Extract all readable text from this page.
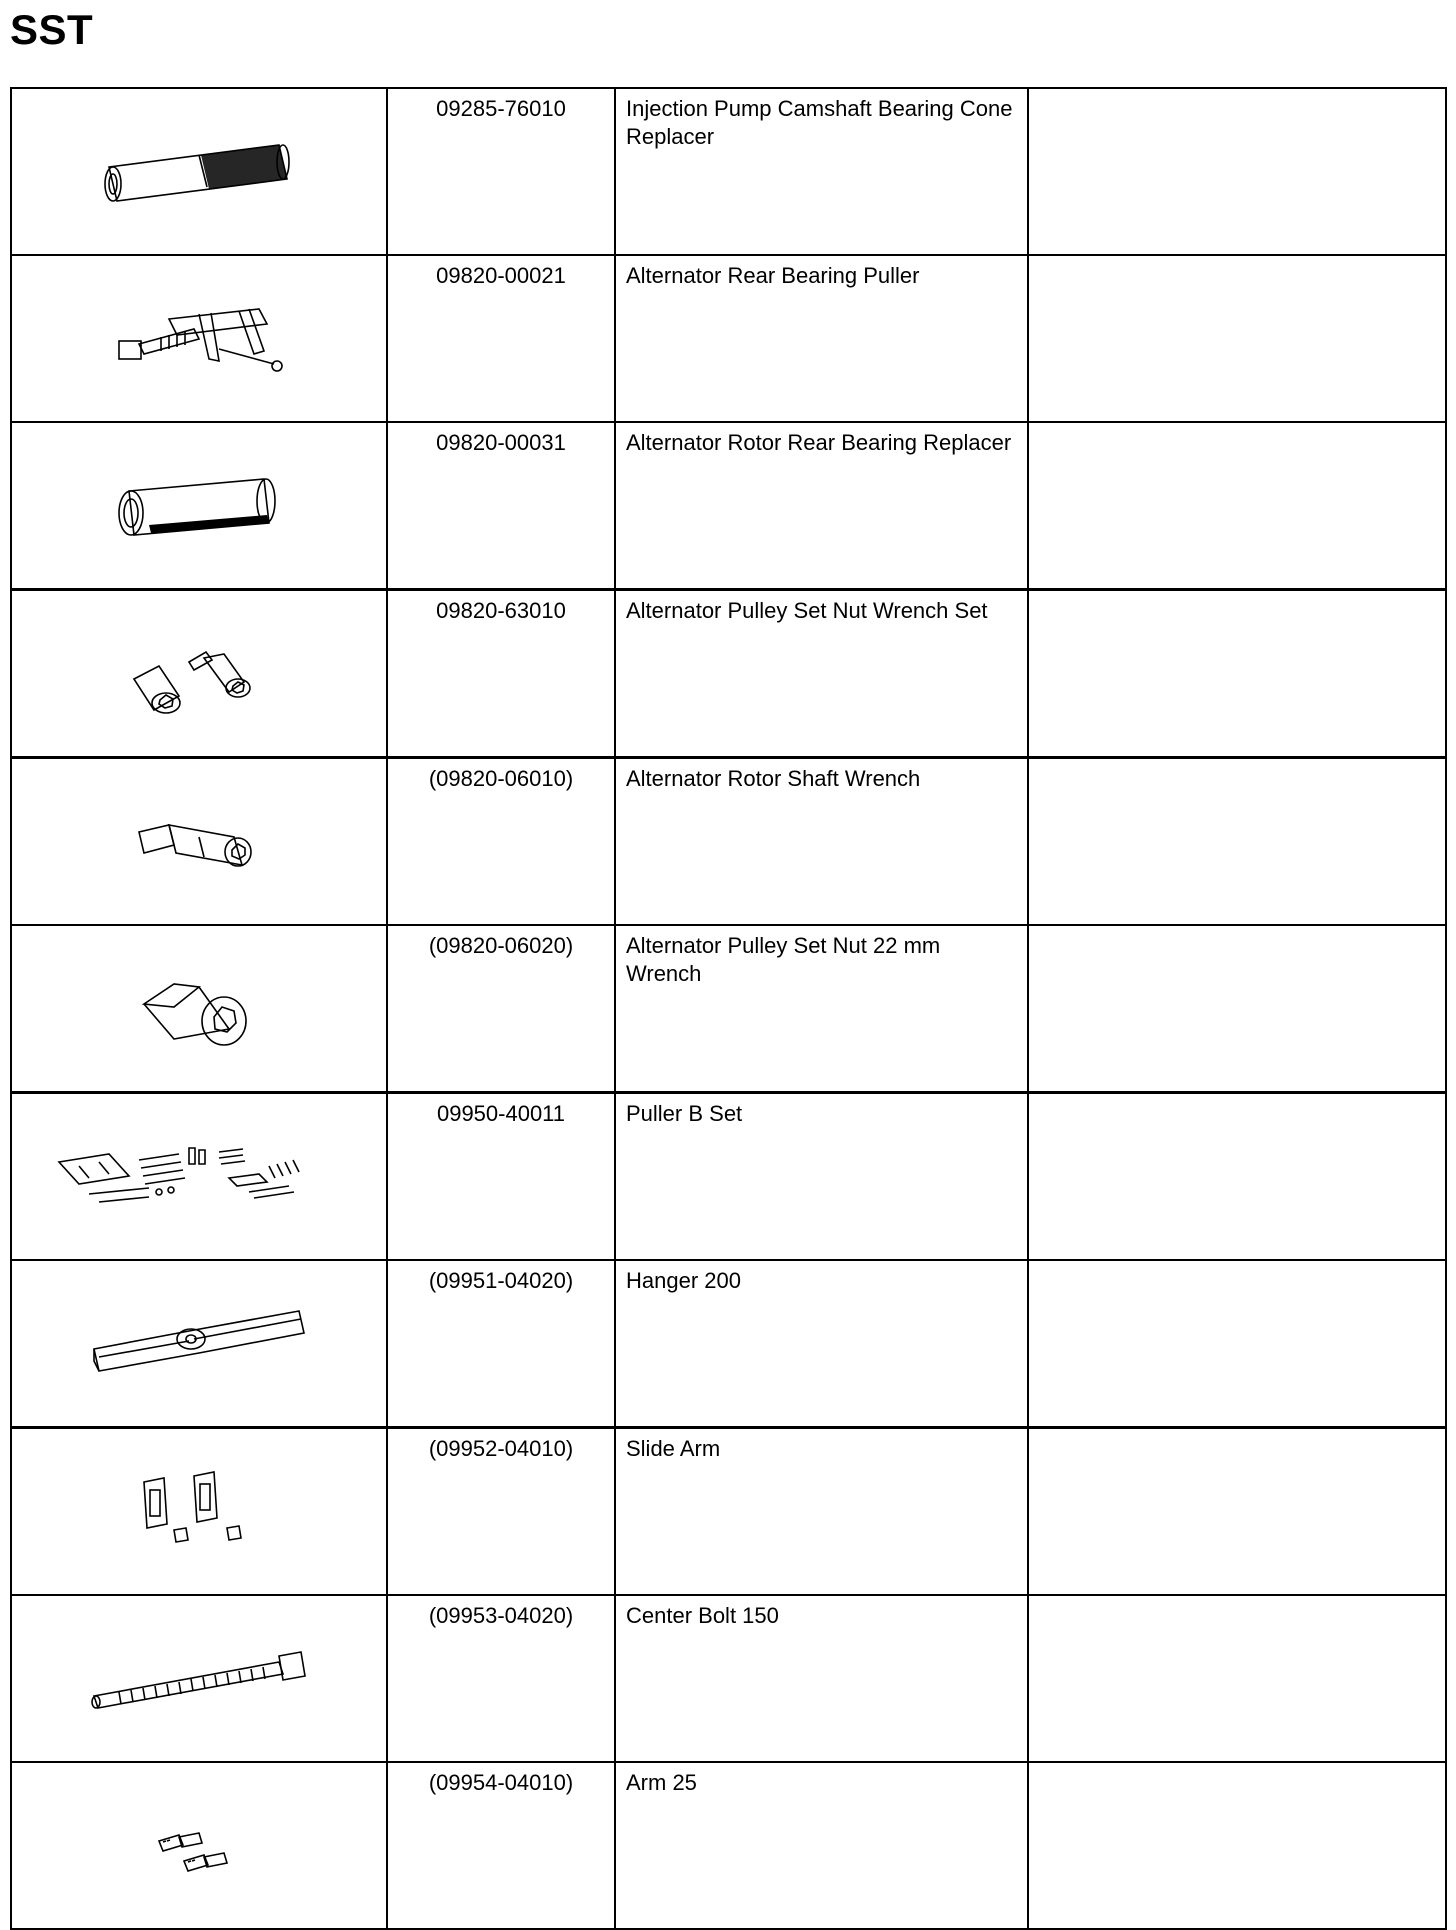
SST
	09285-76010	Injection Pump Camshaft Bearing Cone Replacer	

	09820-00021	Alternator Rear Bearing Puller	

	09820-00031	Alternator Rotor Rear Bearing Replacer	

	09820-63010	Alternator Pulley Set Nut Wrench Set	

	(09820-06010)	Alternator Rotor Shaft Wrench	

	(09820-06020)	Alternator Pulley Set Nut 22 mm Wrench	

	09950-40011	Puller B Set	

	(09951-04020)	Hanger 200	

	(09952-04010)	Slide Arm	

	(09953-04020)	Center Bolt 150	

	(09954-04010)	Arm 25	
